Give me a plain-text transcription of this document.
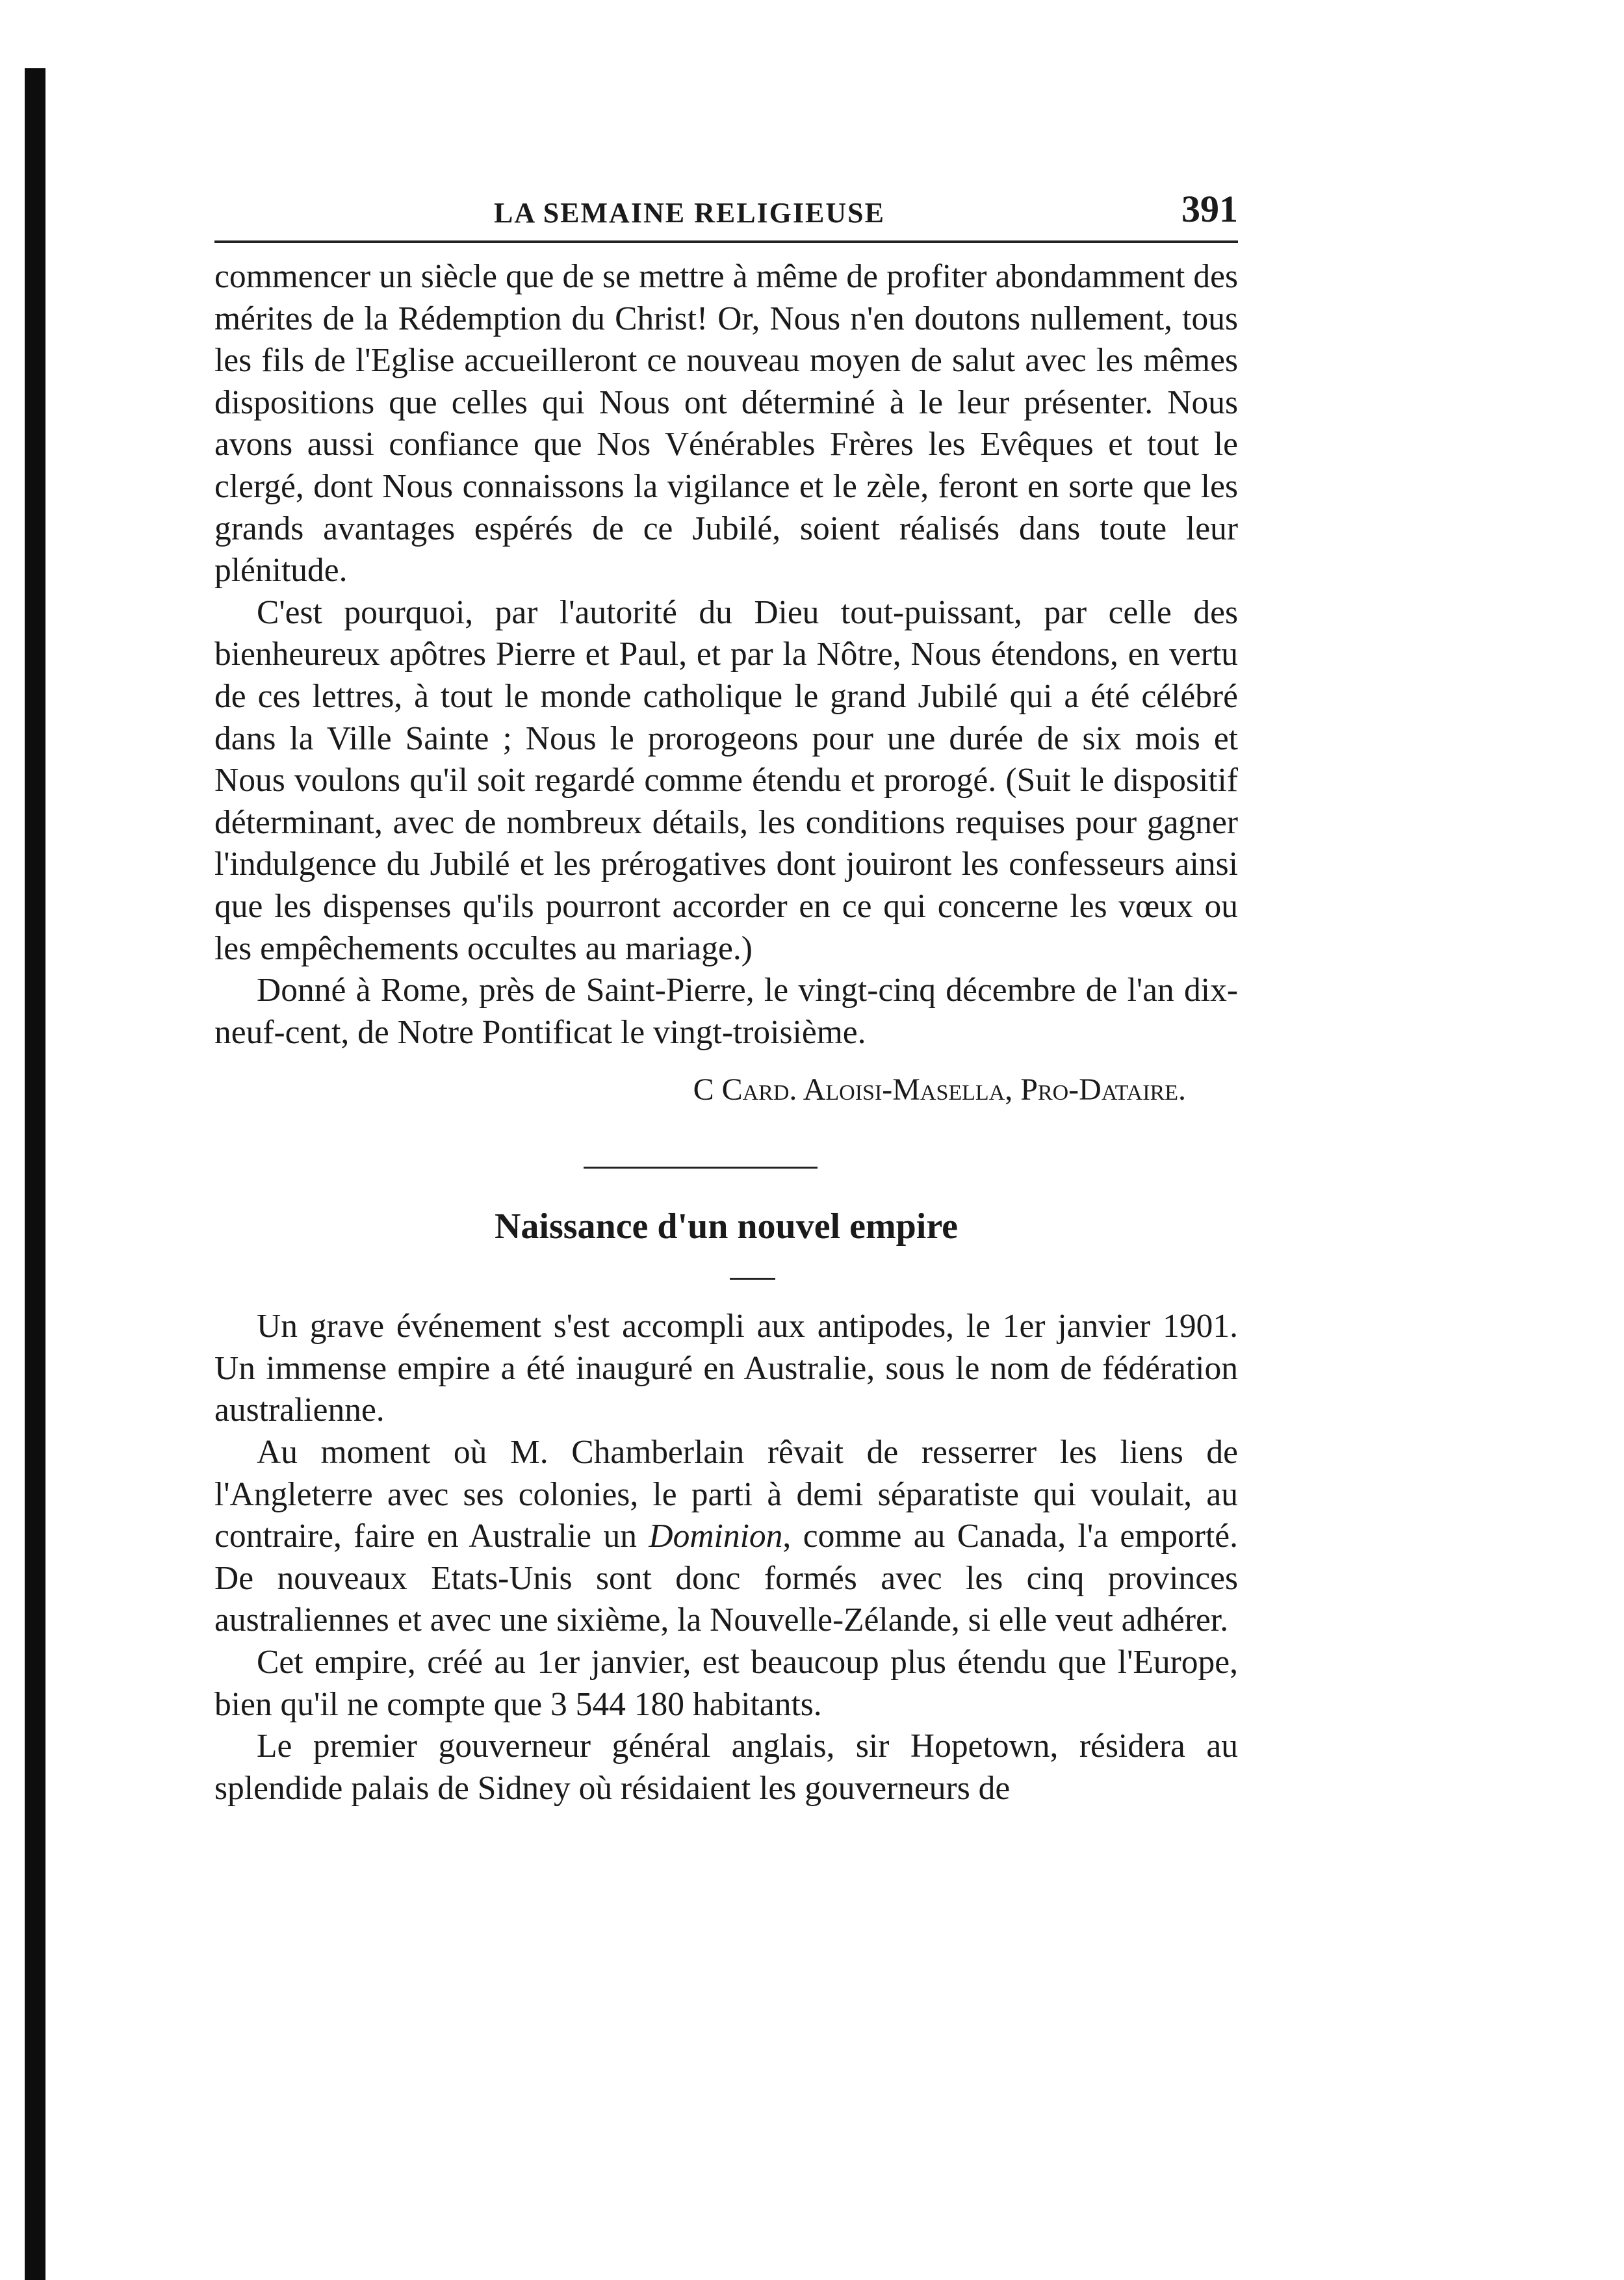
LA SEMAINE RELIGIEUSE	391

commencer un siècle que de se mettre à même de profiter abondamment des mérites de la Rédemption du Christ! Or, Nous n'en doutons nullement, tous les fils de l'Eglise accueilleront ce nouveau moyen de salut avec les mêmes dispositions que celles qui Nous ont déterminé à le leur présenter. Nous avons aussi confiance que Nos Vénérables Frères les Evêques et tout le clergé, dont Nous connaissons la vigilance et le zèle, feront en sorte que les grands avantages espérés de ce Jubilé, soient réalisés dans toute leur plénitude.

C'est pourquoi, par l'autorité du Dieu tout-puissant, par celle des bienheureux apôtres Pierre et Paul, et par la Nôtre, Nous étendons, en vertu de ces lettres, à tout le monde catholique le grand Jubilé qui a été célébré dans la Ville Sainte ; Nous le prorogeons pour une durée de six mois et Nous voulons qu'il soit regardé comme étendu et prorogé. (Suit le dispositif déterminant, avec de nombreux détails, les conditions requises pour gagner l'indulgence du Jubilé et les prérogatives dont jouiront les confesseurs ainsi que les dispenses qu'ils pourront accorder en ce qui concerne les vœux ou les empêchements occultes au mariage.)

Donné à Rome, près de Saint-Pierre, le vingt-cinq décembre de l'an dix-neuf-cent, de Notre Pontificat le vingt-troisième.

C Card. Aloisi-Masella, Pro-Dataire.
Naissance d'un nouvel empire

Un grave événement s'est accompli aux antipodes, le 1er janvier 1901. Un immense empire a été inauguré en Australie, sous le nom de fédération australienne.

Au moment où M. Chamberlain rêvait de resserrer les liens de l'Angleterre avec ses colonies, le parti à demi séparatiste qui voulait, au contraire, faire en Australie un Dominion, comme au Canada, l'a emporté. De nouveaux Etats-Unis sont donc formés avec les cinq provinces australiennes et avec une sixième, la Nouvelle-Zélande, si elle veut adhérer.

Cet empire, créé au 1er janvier, est beaucoup plus étendu que l'Europe, bien qu'il ne compte que 3 544 180 habitants.

Le premier gouverneur général anglais, sir Hopetown, résidera au splendide palais de Sidney où résidaient les gouverneurs de
